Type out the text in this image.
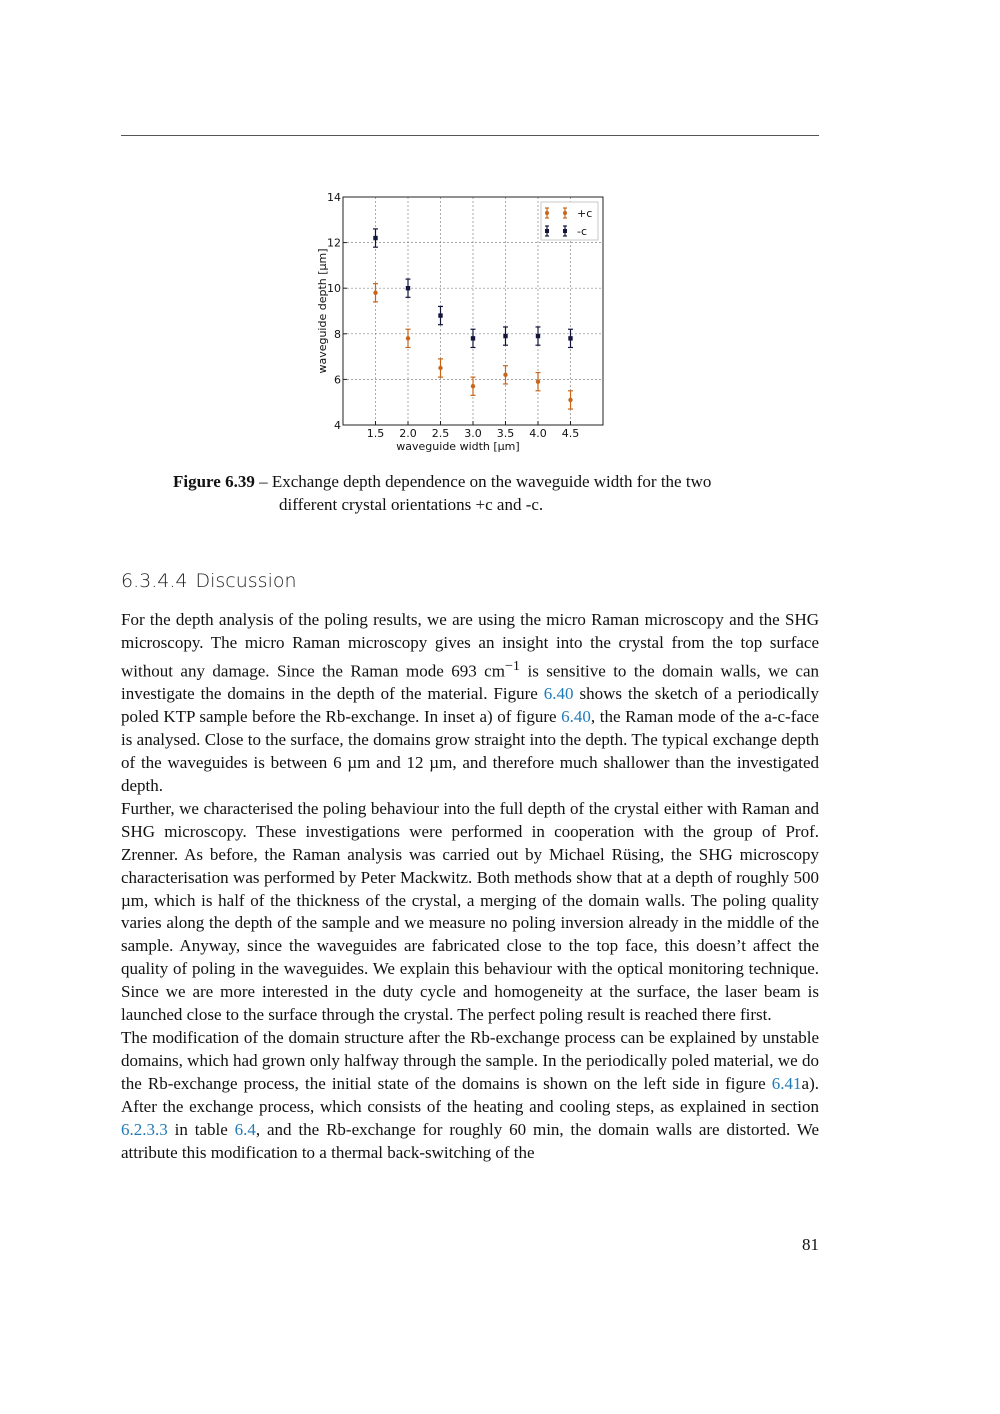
1.5 2.0 2.5 3.0 3.5 4.0 4.5
4
6
8
10
12
14
+c
-c
waveguide width [µm]
waveguide depth [µm]
Figure 6.39 – Exchange depth dependence on the waveguide width for the two
different crystal orientations +c and -c.
6.3.4.4 Discussion

For the depth analysis of the poling results, we are using the micro Raman microscopy and the SHG microscopy. The micro Raman microscopy gives an insight into the crystal from the top surface without any damage. Since the Raman mode 693 $cm^{-1}$ is sensitive to the domain walls, we can investigate the domains in the depth of the material. Figure 6.40 shows the sketch of a periodically poled KTP sample before the Rb-exchange. In inset a) of figure 6.40, the Raman mode of the a-c-face is analysed. Close to the surface, the domains grow straight into the depth. The typical exchange depth of the waveguides is between 6 µm and 12 µm, and therefore much shallower than the investigated depth.

Further, we characterised the poling behaviour into the full depth of the crystal either with Raman and SHG microscopy. These investigations were performed in cooperation with the group of Prof. Zrenner. As before, the Raman analysis was carried out by Michael Rüsing, the SHG microscopy characterisation was performed by Peter Mackwitz. Both methods show that at a depth of roughly 500 µm, which is half of the thickness of the crystal, a merging of the domain walls. The poling quality varies along the depth of the sample and we measure no poling inversion already in the middle of the sample. Anyway, since the waveguides are fabricated close to the top face, this doesn’t affect the quality of poling in the waveguides. We explain this behaviour with the optical monitoring technique. Since we are more interested in the duty cycle and homogeneity at the surface, the laser beam is launched close to the surface through the crystal. The perfect poling result is reached there first.

The modification of the domain structure after the Rb-exchange process can be explained by unstable domains, which had grown only halfway through the sample. In the periodically poled material, we do the Rb-exchange process, the initial state of the domains is shown on the left side in figure 6.41a). After the exchange process, which consists of the heating and cooling steps, as explained in section 6.2.3.3 in table 6.4, and the Rb-exchange for roughly 60 min, the domain walls are distorted. We attribute this modification to a thermal back-switching of the

81
